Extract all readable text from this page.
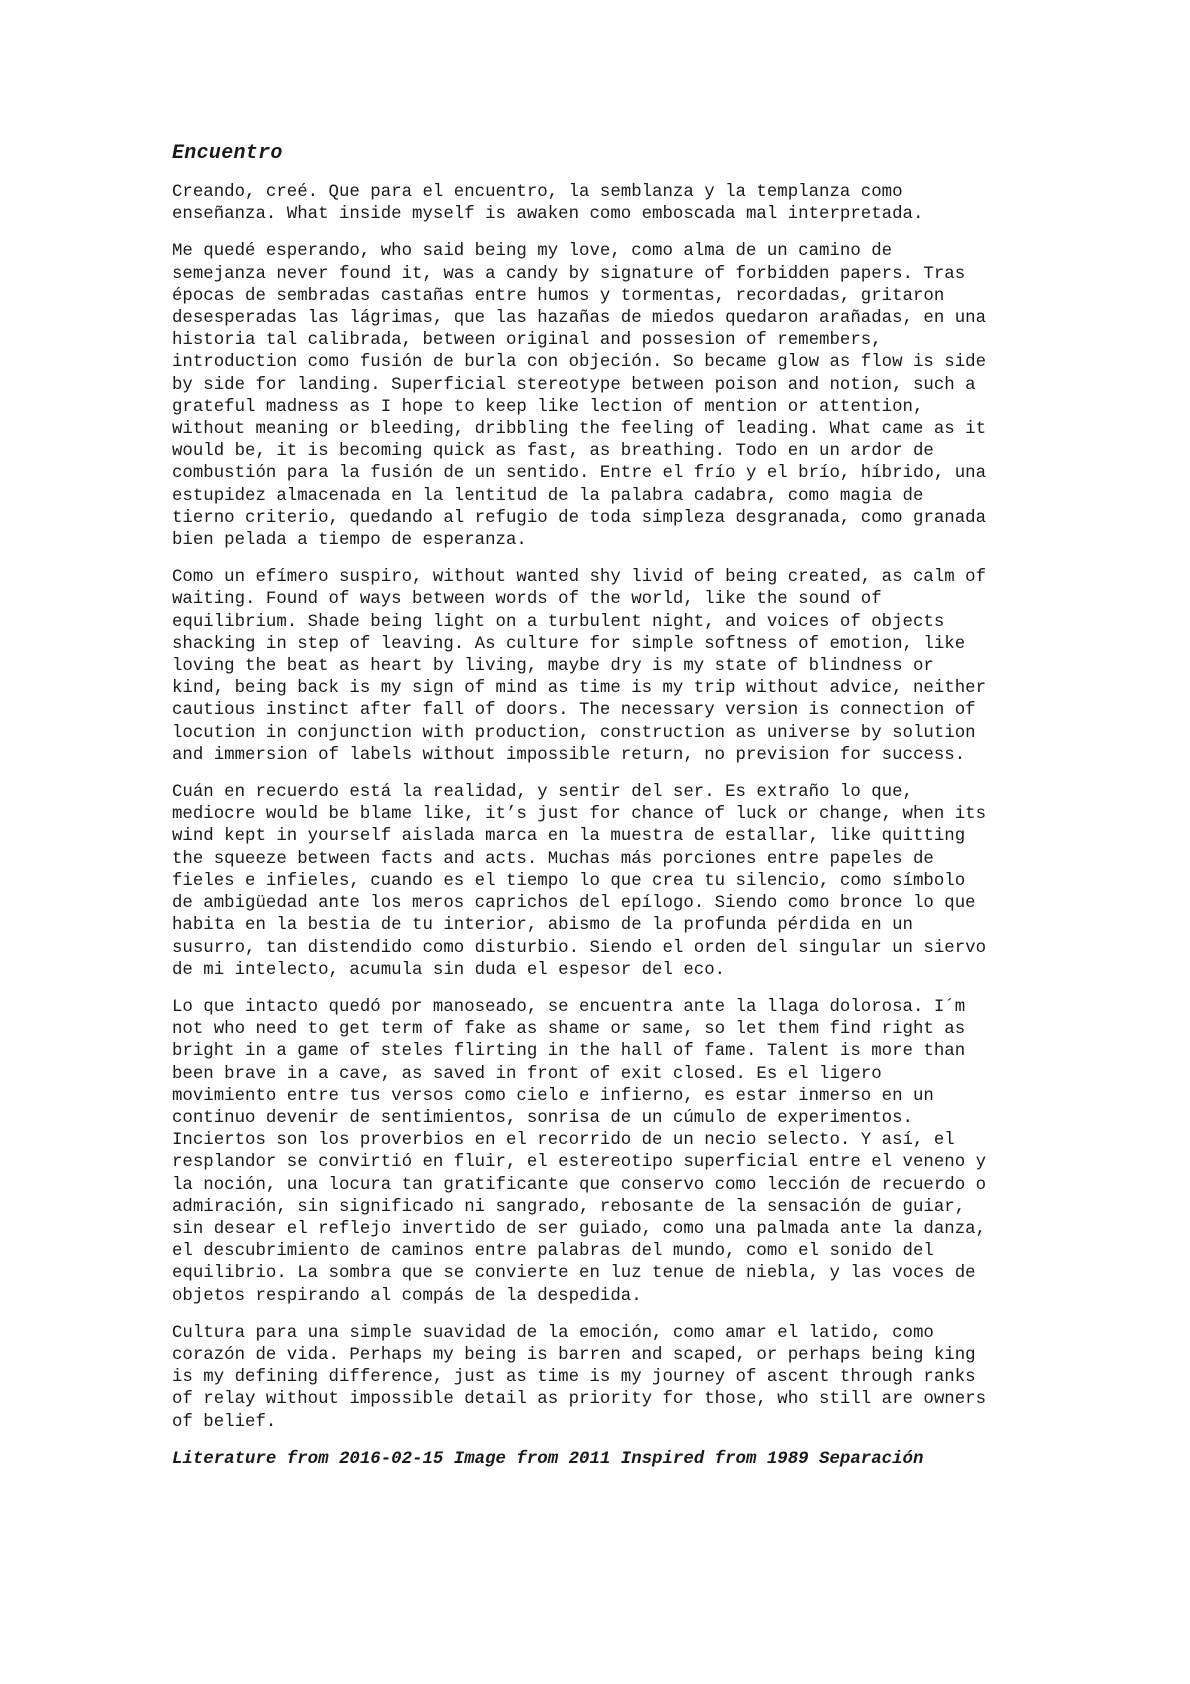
Encuentro

Creando, creé. Que para el encuentro, la semblanza y la templanza como
enseñanza. What inside myself is awaken como emboscada mal interpretada.

Me quedé esperando, who said being my love, como alma de un camino de
semejanza never found it, was a candy by signature of forbidden papers. Tras
épocas de sembradas castañas entre humos y tormentas, recordadas, gritaron
desesperadas las lágrimas, que las hazañas de miedos quedaron arañadas, en una
historia tal calibrada, between original and possesion of remembers,
introduction como fusión de burla con objeción. So became glow as flow is side
by side for landing. Superficial stereotype between poison and notion, such a
grateful madness as I hope to keep like lection of mention or attention,
without meaning or bleeding, dribbling the feeling of leading. What came as it
would be, it is becoming quick as fast, as breathing. Todo en un ardor de
combustión para la fusión de un sentido. Entre el frío y el brío, híbrido, una
estupidez almacenada en la lentitud de la palabra cadabra, como magia de
tierno criterio, quedando al refugio de toda simpleza desgranada, como granada
bien pelada a tiempo de esperanza.

Como un efímero suspiro, without wanted shy livid of being created, as calm of
waiting. Found of ways between words of the world, like the sound of
equilibrium. Shade being light on a turbulent night, and voices of objects
shacking in step of leaving. As culture for simple softness of emotion, like
loving the beat as heart by living, maybe dry is my state of blindness or
kind, being back is my sign of mind as time is my trip without advice, neither
cautious instinct after fall of doors. The necessary version is connection of
locution in conjunction with production, construction as universe by solution
and immersion of labels without impossible return, no prevision for success.

Cuán en recuerdo está la realidad, y sentir del ser. Es extraño lo que,
mediocre would be blame like, it’s just for chance of luck or change, when its
wind kept in yourself aislada marca en la muestra de estallar, like quitting
the squeeze between facts and acts. Muchas más porciones entre papeles de
fieles e infieles, cuando es el tiempo lo que crea tu silencio, como símbolo
de ambigüedad ante los meros caprichos del epílogo. Siendo como bronce lo que
habita en la bestia de tu interior, abismo de la profunda pérdida en un
susurro, tan distendido como disturbio. Siendo el orden del singular un siervo
de mi intelecto, acumula sin duda el espesor del eco.

Lo que intacto quedó por manoseado, se encuentra ante la llaga dolorosa. I´m
not who need to get term of fake as shame or same, so let them find right as
bright in a game of steles flirting in the hall of fame. Talent is more than
been brave in a cave, as saved in front of exit closed. Es el ligero
movimiento entre tus versos como cielo e infierno, es estar inmerso en un
continuo devenir de sentimientos, sonrisa de un cúmulo de experimentos.
Inciertos son los proverbios en el recorrido de un necio selecto. Y así, el
resplandor se convirtió en fluir, el estereotipo superficial entre el veneno y
la noción, una locura tan gratificante que conservo como lección de recuerdo o
admiración, sin significado ni sangrado, rebosante de la sensación de guiar,
sin desear el reflejo invertido de ser guiado, como una palmada ante la danza,
el descubrimiento de caminos entre palabras del mundo, como el sonido del
equilibrio. La sombra que se convierte en luz tenue de niebla, y las voces de
objetos respirando al compás de la despedida.

Cultura para una simple suavidad de la emoción, como amar el latido, como
corazón de vida. Perhaps my being is barren and scaped, or perhaps being king
is my defining difference, just as time is my journey of ascent through ranks
of relay without impossible detail as priority for those, who still are owners
of belief.

Literature from 2016-02-15 Image from 2011 Inspired from 1989 Separación
